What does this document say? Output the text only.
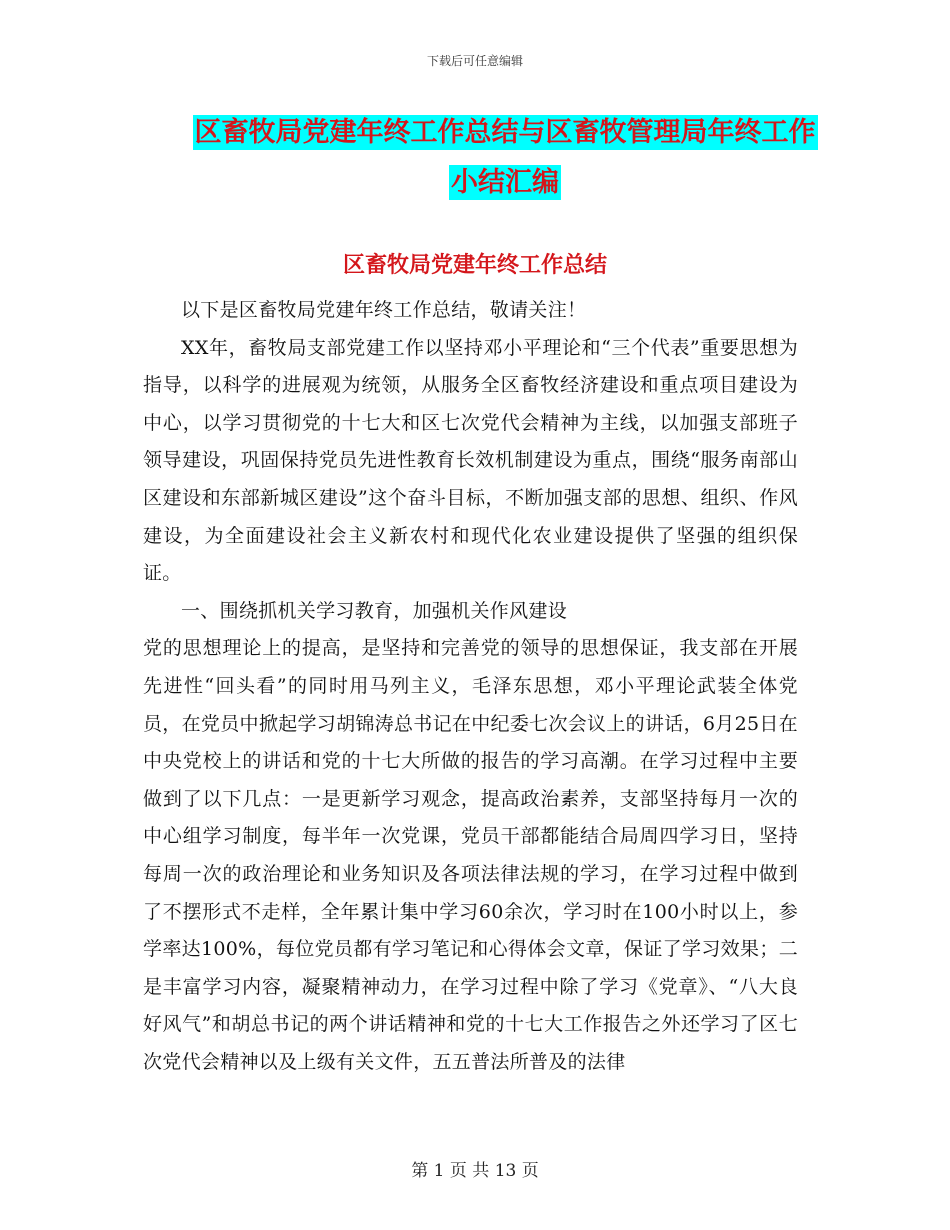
下载后可任意编辑
区畜牧局党建年终工作总结与区畜牧管理局年终工作
小结汇编
区畜牧局党建年终工作总结

以下是区畜牧局党建年终工作总结，敬请关注！

XX年，畜牧局支部党建工作以坚持邓小平理论和“三个代表”重要思想为指导，以科学的进展观为统领，从服务全区畜牧经济建设和重点项目建设为中心，以学习贯彻党的十七大和区七次党代会精神为主线，以加强支部班子领导建设，巩固保持党员先进性教育长效机制建设为重点，围绕“服务南部山区建设和东部新城区建设”这个奋斗目标，不断加强支部的思想、组织、作风建设，为全面建设社会主义新农村和现代化农业建设提供了坚强的组织保证。

一、围绕抓机关学习教育，加强机关作风建设

党的思想理论上的提高，是坚持和完善党的领导的思想保证，我支部在开展先进性“回头看”的同时用马列主义，毛泽东思想，邓小平理论武装全体党员，在党员中掀起学习胡锦涛总书记在中纪委七次会议上的讲话，6月25日在中央党校上的讲话和党的十七大所做的报告的学习高潮。在学习过程中主要做到了以下几点：一是更新学习观念，提高政治素养，支部坚持每月一次的中心组学习制度，每半年一次党课，党员干部都能结合局周四学习日，坚持每周一次的政治理论和业务知识及各项法律法规的学习，在学习过程中做到了不摆形式不走样，全年累计集中学习60余次，学习时在100小时以上，参学率达100%，每位党员都有学习笔记和心得体会文章，保证了学习效果；二是丰富学习内容，凝聚精神动力，在学习过程中除了学习《党章》、“八大良好风气”和胡总书记的两个讲话精神和党的十七大工作报告之外还学习了区七次党代会精神以及上级有关文件，五五普法所普及的法律

第 1 页 共 13 页
